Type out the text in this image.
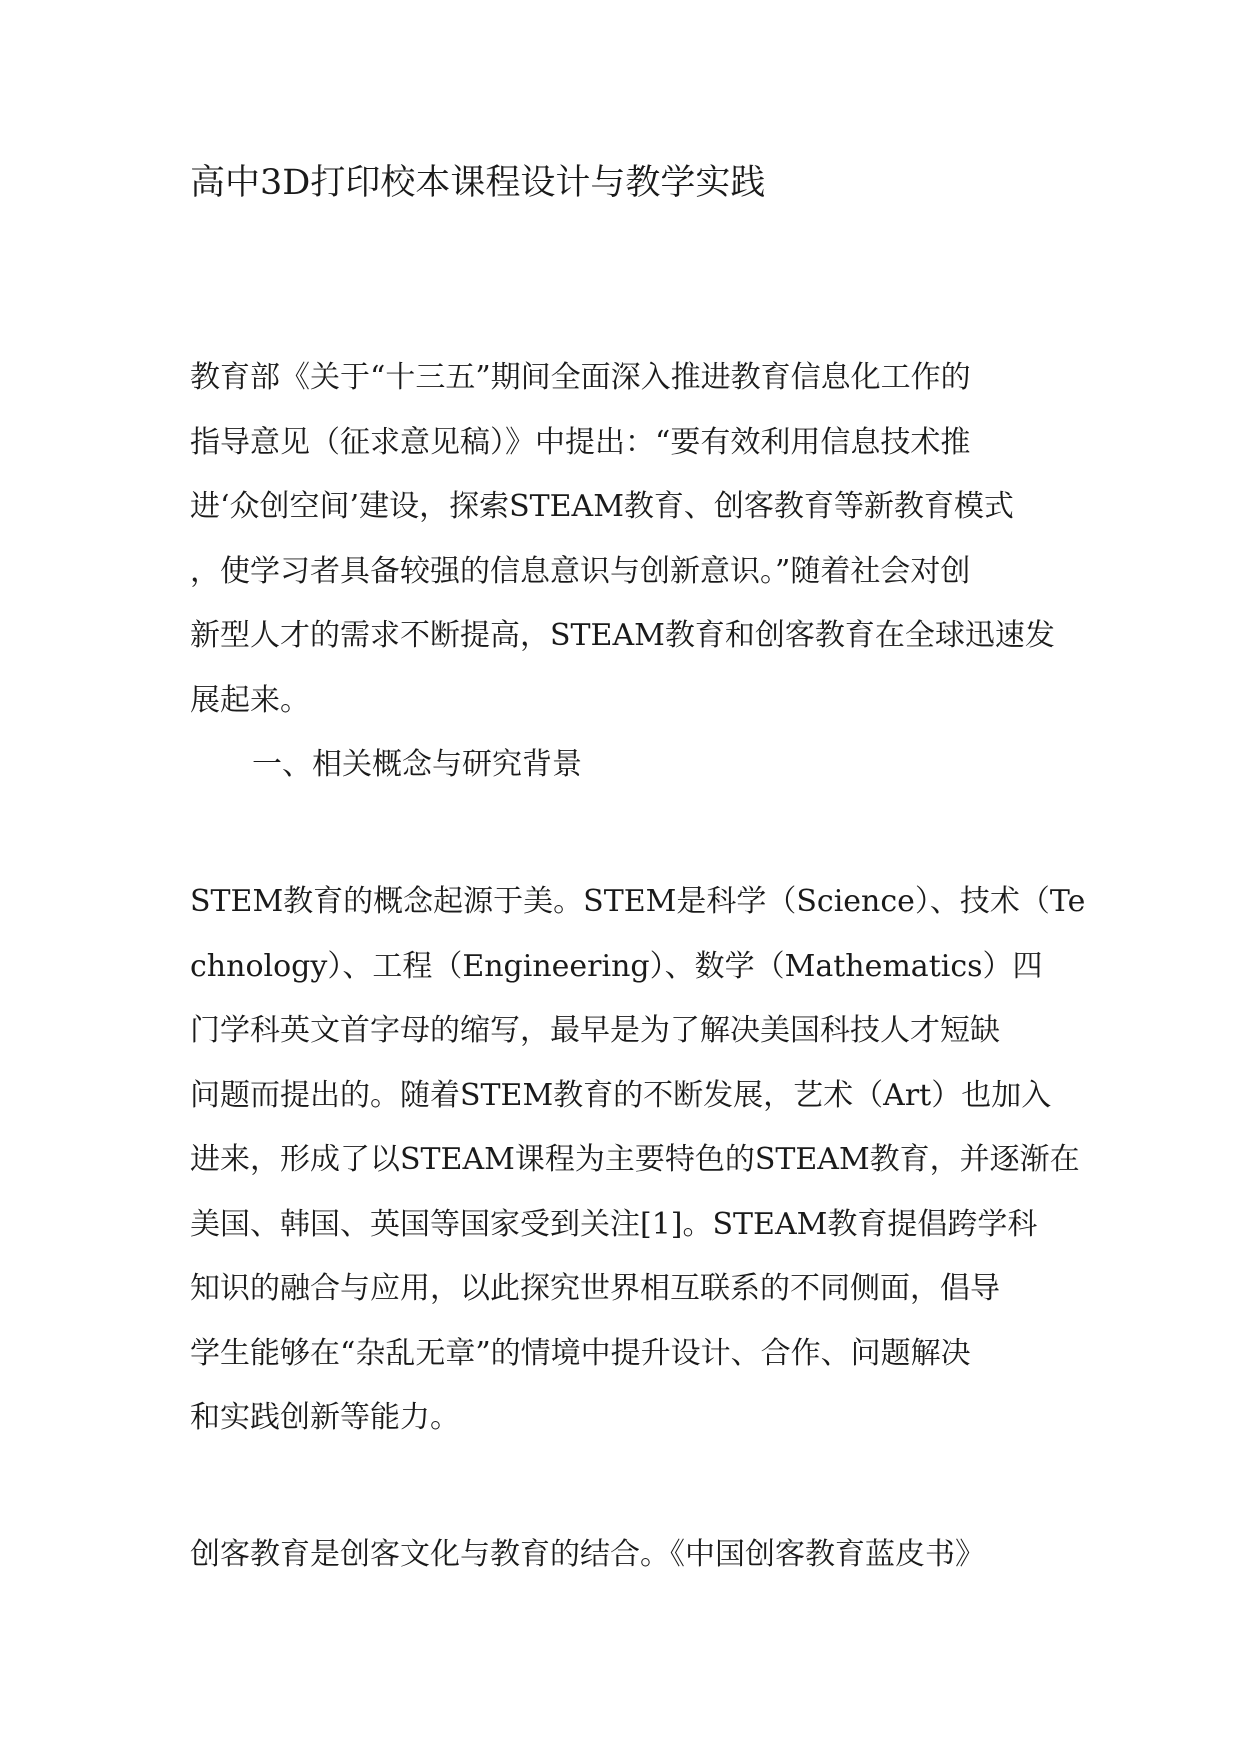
高中3D打印校本课程设计与教学实践
教育部《关于“十三五”期间全面深入推进教育信息化工作的
指导意见（征求意见稿）》中提出：“要有效利用信息技术推
进‘众创空间’建设，探索STEAM教育、创客教育等新教育模式
，使学习者具备较强的信息意识与创新意识。”随着社会对创
新型人才的需求不断提高，STEAM教育和创客教育在全球迅速发
展起来。
一、相关概念与研究背景
STEM教育的概念起源于美。STEM是科学（Science）、技术（Te
chnology）、工程（Engineering）、数学（Mathematics）四
门学科英文首字母的缩写，最早是为了解决美国科技人才短缺
问题而提出的。随着STEM教育的不断发展，艺术（Art）也加入
进来，形成了以STEAM课程为主要特色的STEAM教育，并逐渐在
美国、韩国、英国等国家受到关注[1]。STEAM教育提倡跨学科
知识的融合与应用，以此探究世界相互联系的不同侧面，倡导
学生能够在“杂乱无章”的情境中提升设计、合作、问题解决
和实践创新等能力。
创客教育是创客文化与教育的结合。《中国创客教育蓝皮书》
